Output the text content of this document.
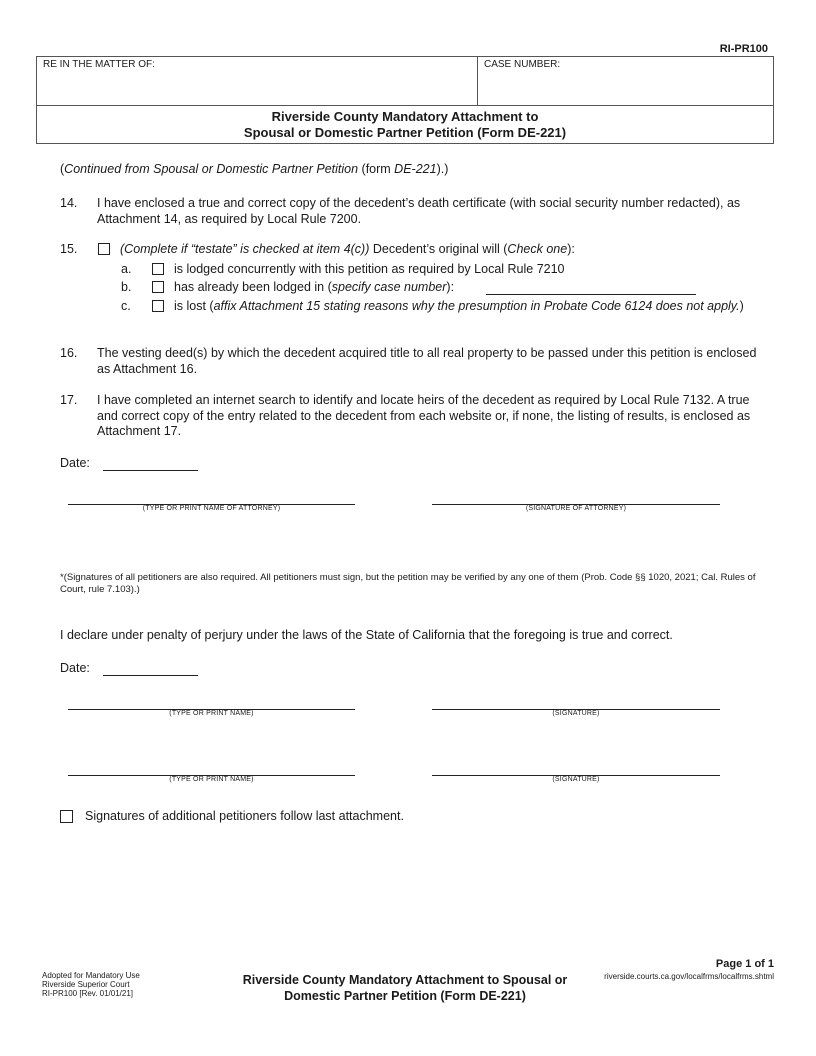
RI-PR100
RE IN THE MATTER OF:	CASE NUMBER:
Riverside County Mandatory Attachment to
Spousal or Domestic Partner Petition (Form DE-221)
(Continued from Spousal or Domestic Partner Petition (form DE-221).)
14. I have enclosed a true and correct copy of the decedent’s death certificate (with social security number redacted), as Attachment 14, as required by Local Rule 7200.
15.	(Complete if “testate” is checked at item 4(c)) Decedent’s original will (Check one):
a.	is lodged concurrently with this petition as required by Local Rule 7210
b.	has already been lodged in (specify case number):
c.	is lost (affix Attachment 15 stating reasons why the presumption in Probate Code 6124 does not apply.)
16. The vesting deed(s) by which the decedent acquired title to all real property to be passed under this petition is enclosed as Attachment 16.
17. I have completed an internet search to identify and locate heirs of the decedent as required by Local Rule 7132. A true and correct copy of the entry related to the decedent from each website or, if none, the listing of results, is enclosed as Attachment 17.
Date:
(TYPE OR PRINT NAME OF ATTORNEY)	(SIGNATURE OF ATTORNEY)
*(Signatures of all petitioners are also required. All petitioners must sign, but the petition may be verified by any one of them (Prob. Code §§ 1020, 2021; Cal. Rules of Court, rule 7.103).)
I declare under penalty of perjury under the laws of the State of California that the foregoing is true and correct.
Date:
(TYPE OR PRINT NAME)	(SIGNATURE)
(TYPE OR PRINT NAME)	(SIGNATURE)
Signatures of additional petitioners follow last attachment.
Adopted for Mandatory Use
Riverside Superior Court
RI-PR100 [Rev. 01/01/21]
Riverside County Mandatory Attachment to Spousal or
Domestic Partner Petition (Form DE-221)
Page 1 of 1
riverside.courts.ca.gov/localfrms/localfrms.shtml
